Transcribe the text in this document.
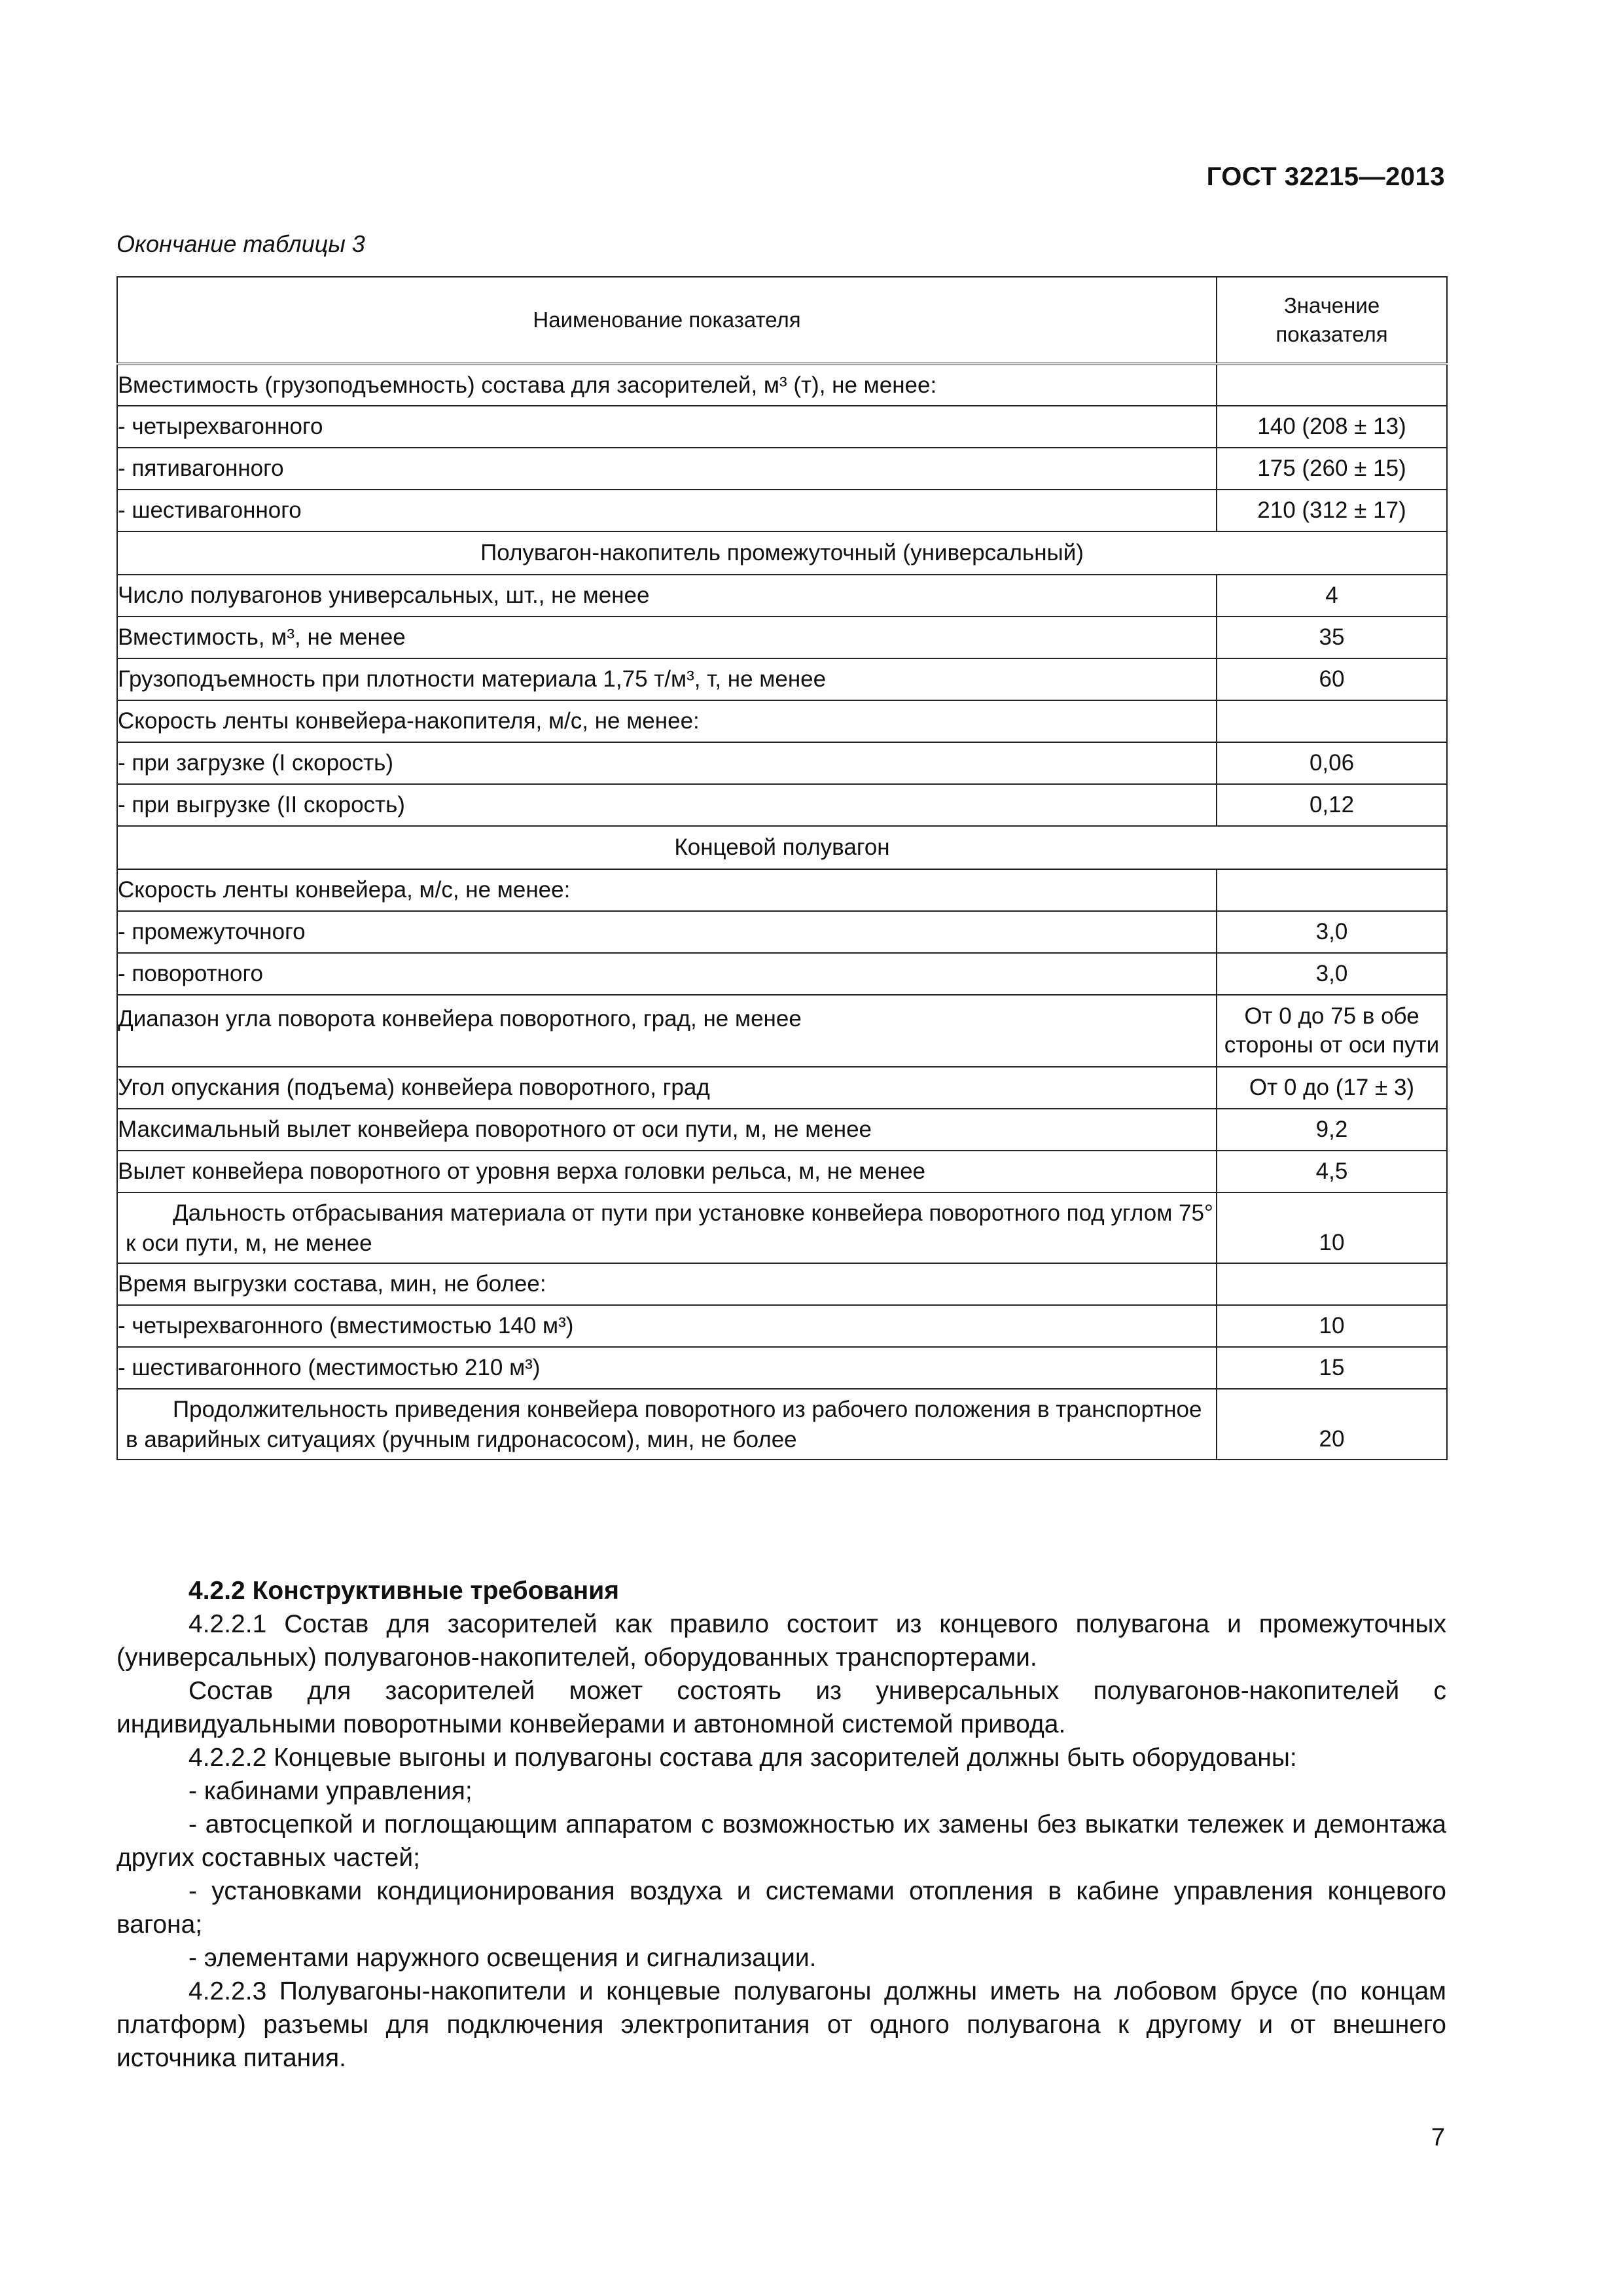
ГОСТ 32215—2013
Окончание таблицы 3
Наименование показателя	Значение
показателя
Вместимость (грузоподъемность) состава для засорителей, м³ (т), не менее:	
- четырехвагонного	140 (208 ± 13)
- пятивагонного	175 (260 ± 15)
- шестивагонного	210 (312 ± 17)
Полувагон-накопитель промежуточный (универсальный)	
Число полувагонов универсальных, шт., не менее	4
Вместимость, м³, не менее	35
Грузоподъемность при плотности материала 1,75 т/м³, т, не менее	60
Скорость ленты конвейера-накопителя, м/с, не менее:	
- при загрузке (I скорость)	0,06
- при выгрузке (II скорость)	0,12
Концевой полувагон	
Скорость ленты конвейера, м/с, не менее:	
- промежуточного	3,0
- поворотного	3,0
Диапазон угла поворота конвейера поворотного, град, не менее	От 0 до 75 в обе стороны от оси пути
Угол опускания (подъема) конвейера поворотного, град	От 0 до (17 ± 3)
Максимальный вылет конвейера поворотного от оси пути, м, не менее	9,2
Вылет конвейера поворотного от уровня верха головки рельса, м, не менее	4,5
Дальность отбрасывания материала от пути при установке конвейера поворотного под углом 75° к оси пути, м, не менее	10
Время выгрузки состава, мин, не более:	
- четырехвагонного (вместимостью 140 м³)	10
- шестивагонного (местимостью 210 м³)	15
Продолжительность приведения конвейера поворотного из рабочего положения в транспортное в аварийных ситуациях (ручным гидронасосом), мин, не более	20

4.2.2 Конструктивные требования

4.2.2.1 Состав для засорителей как правило состоит из концевого полувагона и промежуточных (универсальных) полувагонов-накопителей, оборудованных транспортерами.

Состав для засорителей может состоять из универсальных полувагонов-накопителей с индивидуальными поворотными конвейерами и автономной системой привода.

4.2.2.2 Концевые выгоны и полувагоны состава для засорителей должны быть оборудованы:

- кабинами управления;

- автосцепкой и поглощающим аппаратом с возможностью их замены без выкатки тележек и демонтажа других составных частей;

- установками кондиционирования воздуха и системами отопления в кабине управления концевого вагона;

- элементами наружного освещения и сигнализации.

4.2.2.3 Полувагоны-накопители и концевые полувагоны должны иметь на лобовом брусе (по концам платформ) разъемы для подключения электропитания от одного полувагона к другому и от внешнего источника питания.

7
